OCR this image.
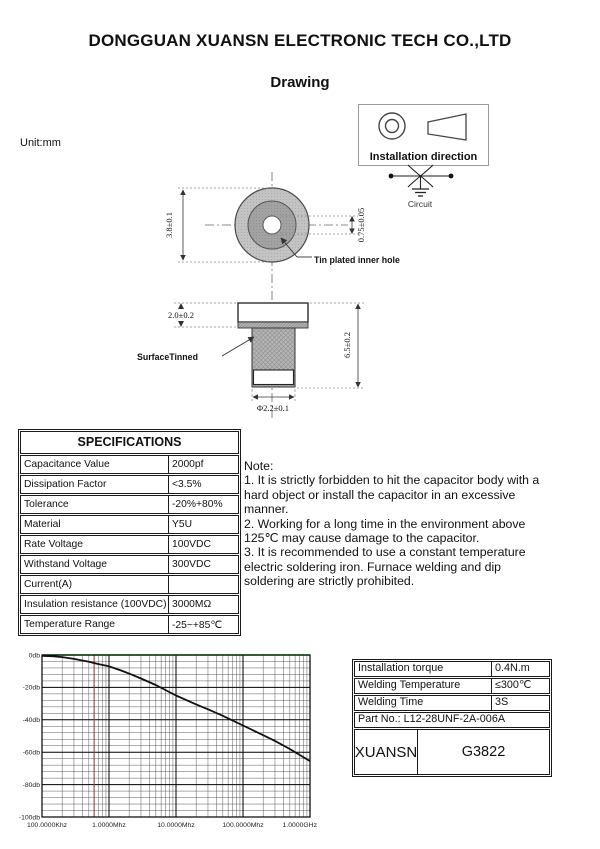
DONGGUAN XUANSN ELECTRONIC TECH CO.,LTD
Drawing
Unit:mm
Installation direction
Circuit
3.8±0.1	0.75±0.05
Tin plated inner hole
2.0±0.2
6.5±0.2
Φ2.2±0.1
SurfaceTinned
SPECIFICATIONS
Capacitance Value	2000pf
Dissipation Factor	<3.5%
Tolerance	-20%+80%
Material	Y5U
Rate Voltage	100VDC
Withstand Voltage	300VDC
Current(A)
Insulation resistance (100VDC) 3000MΩ
Temperature Range	-25~+85℃
Note:
1. It is strictly forbidden to hit the capacitor body with a
hard object or install the capacitor in an excessive
manner.
2. Working for a long time in the environment above
125℃ may cause damage to the capacitor.
3. It is recommended to use a constant temperature
electric soldering iron. Furnace welding and dip
soldering are strictly prohibited.
0db
-20db
-40db
-60db
-80db
-100db
100.0000Khz	1.0000Mhz	10.0000Mhz	100.0000Mhz	1.0000GHz
Installation torque	0.4N.m
Welding Temperature	≤300℃
Welding Time	3S
Part No.: L12-28UNF-2A-006A
XUANSN	G3822
